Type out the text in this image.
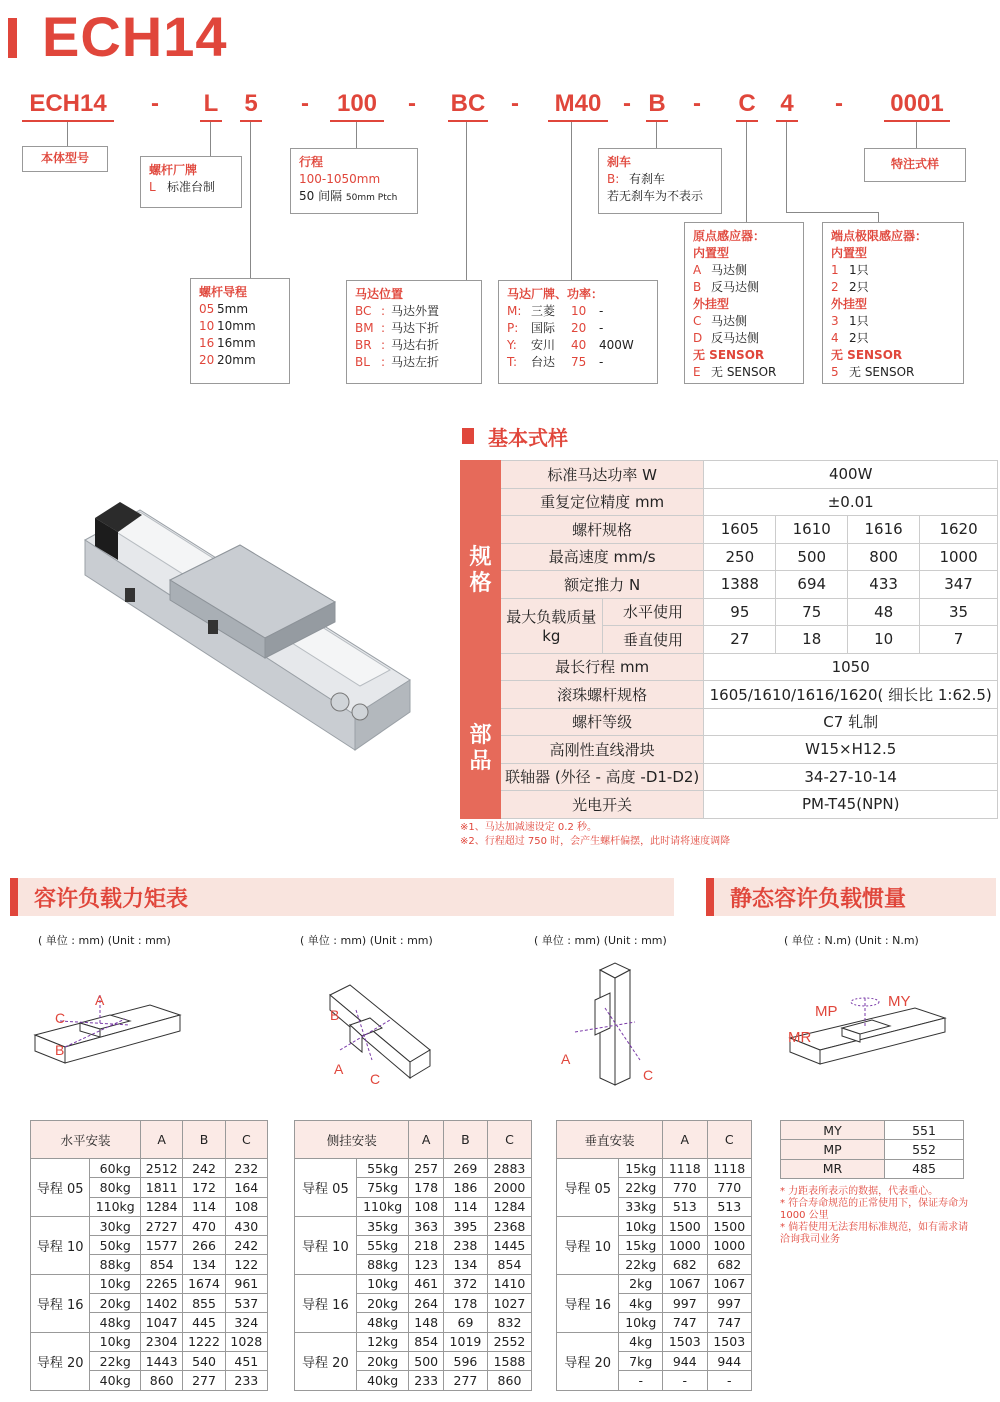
ECH14
ECH14	- L 5 - 100 - BC - M40 - B - C 4 - 0001
本体型号
螺杆厂牌
L 标准台制
行程
100-1050mm
50 间隔 50mm Ptch
刹车
B: 有刹车
若无刹车为不表示
特注式样
螺杆导程
05 5mm
10 10mm
16 16mm
20 20mm
马达位置
BC : 马达外置
BM : 马达下折
BR : 马达右折
BL : 马达左折
马达厂牌、功率：
M: 三菱 10 -
P: 国际 20 -
Y: 安川 40 400W
T: 台达 75 -
原点感应器：
内置型
A 马达侧
B 反马达侧
外挂型
C 马达侧
D 反马达侧
无 SENSOR
E 无 SENSOR
端点极限感应器：
内置型
1 1只
2 2只
外挂型
3 1只
4 2只
无 SENSOR
5 无 SENSOR
基本式样
规格	标准马达功率 W		400W			
	重复定位精度 mm		±0.01			
	螺杆规格		1605	1610	1616	1620
	最高速度 mm/s		250	500	800	1000
	额定推力 N		1388	694	433	347
	最大负载质量 kg	水平使用	95	75	48	35
		垂直使用	27	18	10	7
	最长行程 mm		1050			
部品	滚珠螺杆规格		1605/1610/1616/1620( 细长比 1:62.5)			
	螺杆等级		C7 轧制			
	高刚性直线滑块		W15×H12.5			
	联轴器 (外径 - 高度 -D1-D2)		34-27-10-14			
	光电开关		PM-T45(NPN)			
※1、马达加减速设定 0.2 秒。
※2、行程超过 750 时，会产生螺杆偏摆，此时请将速度调降
容许负载力矩表	静态容许负载惯量
( 单位 : mm) (Unit : mm)	( 单位 : mm) (Unit : mm)	( 单位 : mm) (Unit : mm)	( 单位 : N.m) (Unit : N.m)
A
C
B
B
A
C
A
C
MP
MY
MR
水平安装		A	B	C
导程 05	60kg	2512	242	232
	80kg	1811	172	164
	110kg	1284	114	108
导程 10	30kg	2727	470	430
	50kg	1577	266	242
	88kg	854	134	122
导程 16	10kg	2265	1674	961
	20kg	1402	855	537
	48kg	1047	445	324
导程 20	10kg	2304	1222	1028
	22kg	1443	540	451
	40kg	860	277	233
侧挂安装		A	B	C
导程 05	55kg	257	269	2883
	75kg	178	186	2000
	110kg	108	114	1284
导程 10	35kg	363	395	2368
	55kg	218	238	1445
	88kg	123	134	854
导程 16	10kg	461	372	1410
	20kg	264	178	1027
	48kg	148	69	832
导程 20	12kg	854	1019	2552
	20kg	500	596	1588
	40kg	233	277	860
垂直安装		A	C
导程 05	15kg	1118	1118
	22kg	770	770
	33kg	513	513
导程 10	10kg	1500	1500
	15kg	1000	1000
	22kg	682	682
导程 16	2kg	1067	1067
	4kg	997	997
	10kg	747	747
导程 20	4kg	1503	1503
	7kg	944	944
	-	-	-
MY	551
MP	552
MR	485
* 力距表所表示的数据，代表重心。
* 符合寿命规范的正常使用下，保证寿命为 1000 公里
* 倘若使用无法套用标准规范，如有需求请洽询我司业务
